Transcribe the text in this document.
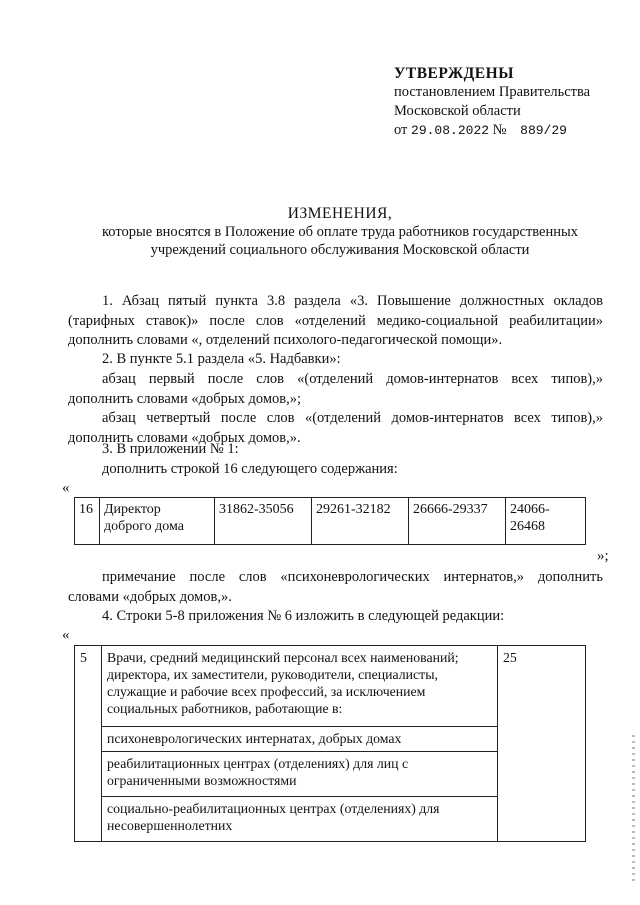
УТВЕРЖДЕНЫ
постановлением Правительства
Московской области
от 29.08.2022 № 889/29
ИЗМЕНЕНИЯ,
которые вносятся в Положение об оплате труда работников государственных
учреждений социального обслуживания Московской области
1. Абзац пятый пункта 3.8 раздела «3. Повышение должностных окладов (тарифных ставок)» после слов «отделений медико-социальной реабилитации» дополнить словами «, отделений психолого-педагогической помощи».
2. В пункте 5.1 раздела «5. Надбавки»:
абзац первый после слов «(отделений домов-интернатов всех типов),» дополнить словами «добрых домов,»;
абзац четвертый после слов «(отделений домов-интернатов всех типов),» дополнить словами «добрых домов,».
3. В приложении № 1:
дополнить строкой 16 следующего содержания:
«
16	Директор доброго дома	31862-35056	29261-32182	26666-29337	24066-26468
»;
примечание после слов «психоневрологических интернатов,» дополнить словами «добрых домов,».
4. Строки 5-8 приложения № 6 изложить в следующей редакции:
«
5	Врачи, средний медицинский персонал всех наименований; директора, их заместители, руководители, специалисты, служащие и рабочие всех профессий, за исключением социальных работников, работающие в:	25
психоневрологических интернатах, добрых домах
реабилитационных центрах (отделениях) для лиц с ограниченными возможностями
социально-реабилитационных центрах (отделениях) для несовершеннолетних
